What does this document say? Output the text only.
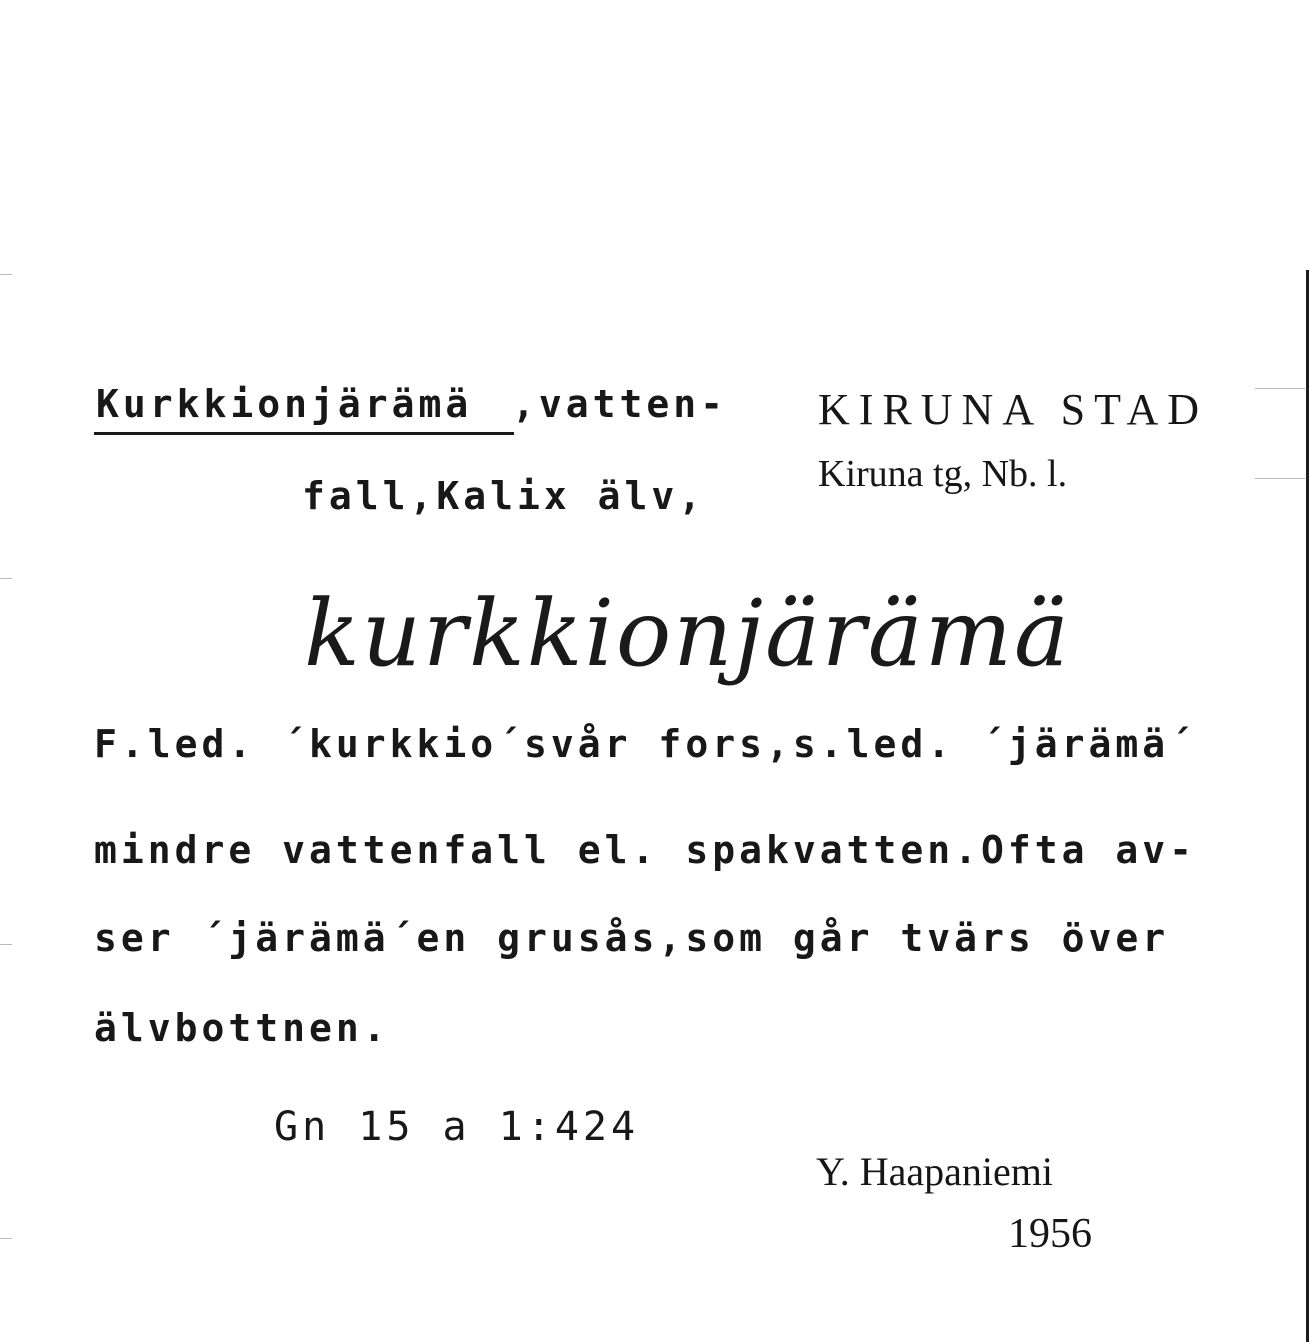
Kurkkionjärämä ,vatten-
fall,Kalix älv,
KIRUNA STAD
Kiruna tg, Nb. l.
kurkkionjärämä
F.led. ´kurkkio´svår fors,s.led. ´järämä´
mindre vattenfall el. spakvatten.Ofta av-
ser ´järämä´en grusås,som går tvärs över
älvbottnen.
Gn 15 a 1:424
Y. Haapaniemi
1956
